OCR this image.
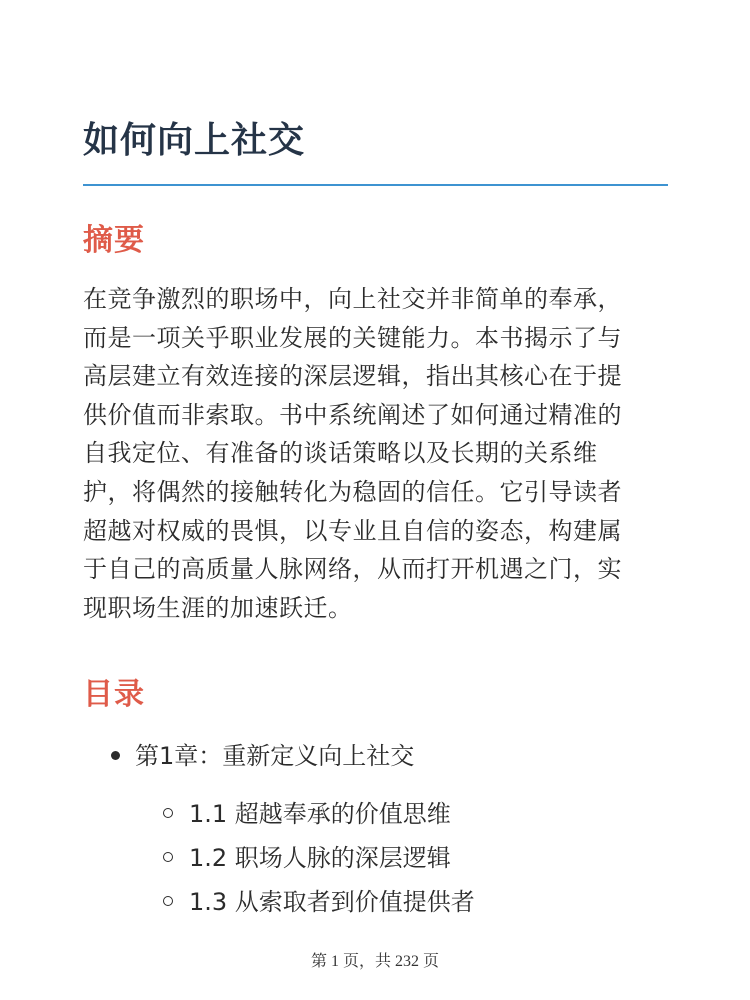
如何向上社交
摘要

在竞争激烈的职场中，向上社交并非简单的奉承，
而是一项关乎职业发展的关键能力。本书揭示了与
高层建立有效连接的深层逻辑，指出其核心在于提
供价值而非索取。书中系统阐述了如何通过精准的
自我定位、有准备的谈话策略以及长期的关系维
护，将偶然的接触转化为稳固的信任。它引导读者
超越对权威的畏惧，以专业且自信的姿态，构建属
于自己的高质量人脉网络，从而打开机遇之门，实
现职场生涯的加速跃迁。

目录
第1章：重新定义向上社交
1.1 超越奉承的价值思维
1.2 职场人脉的深层逻辑
1.3 从索取者到价值提供者
第 1 页，共 232 页
